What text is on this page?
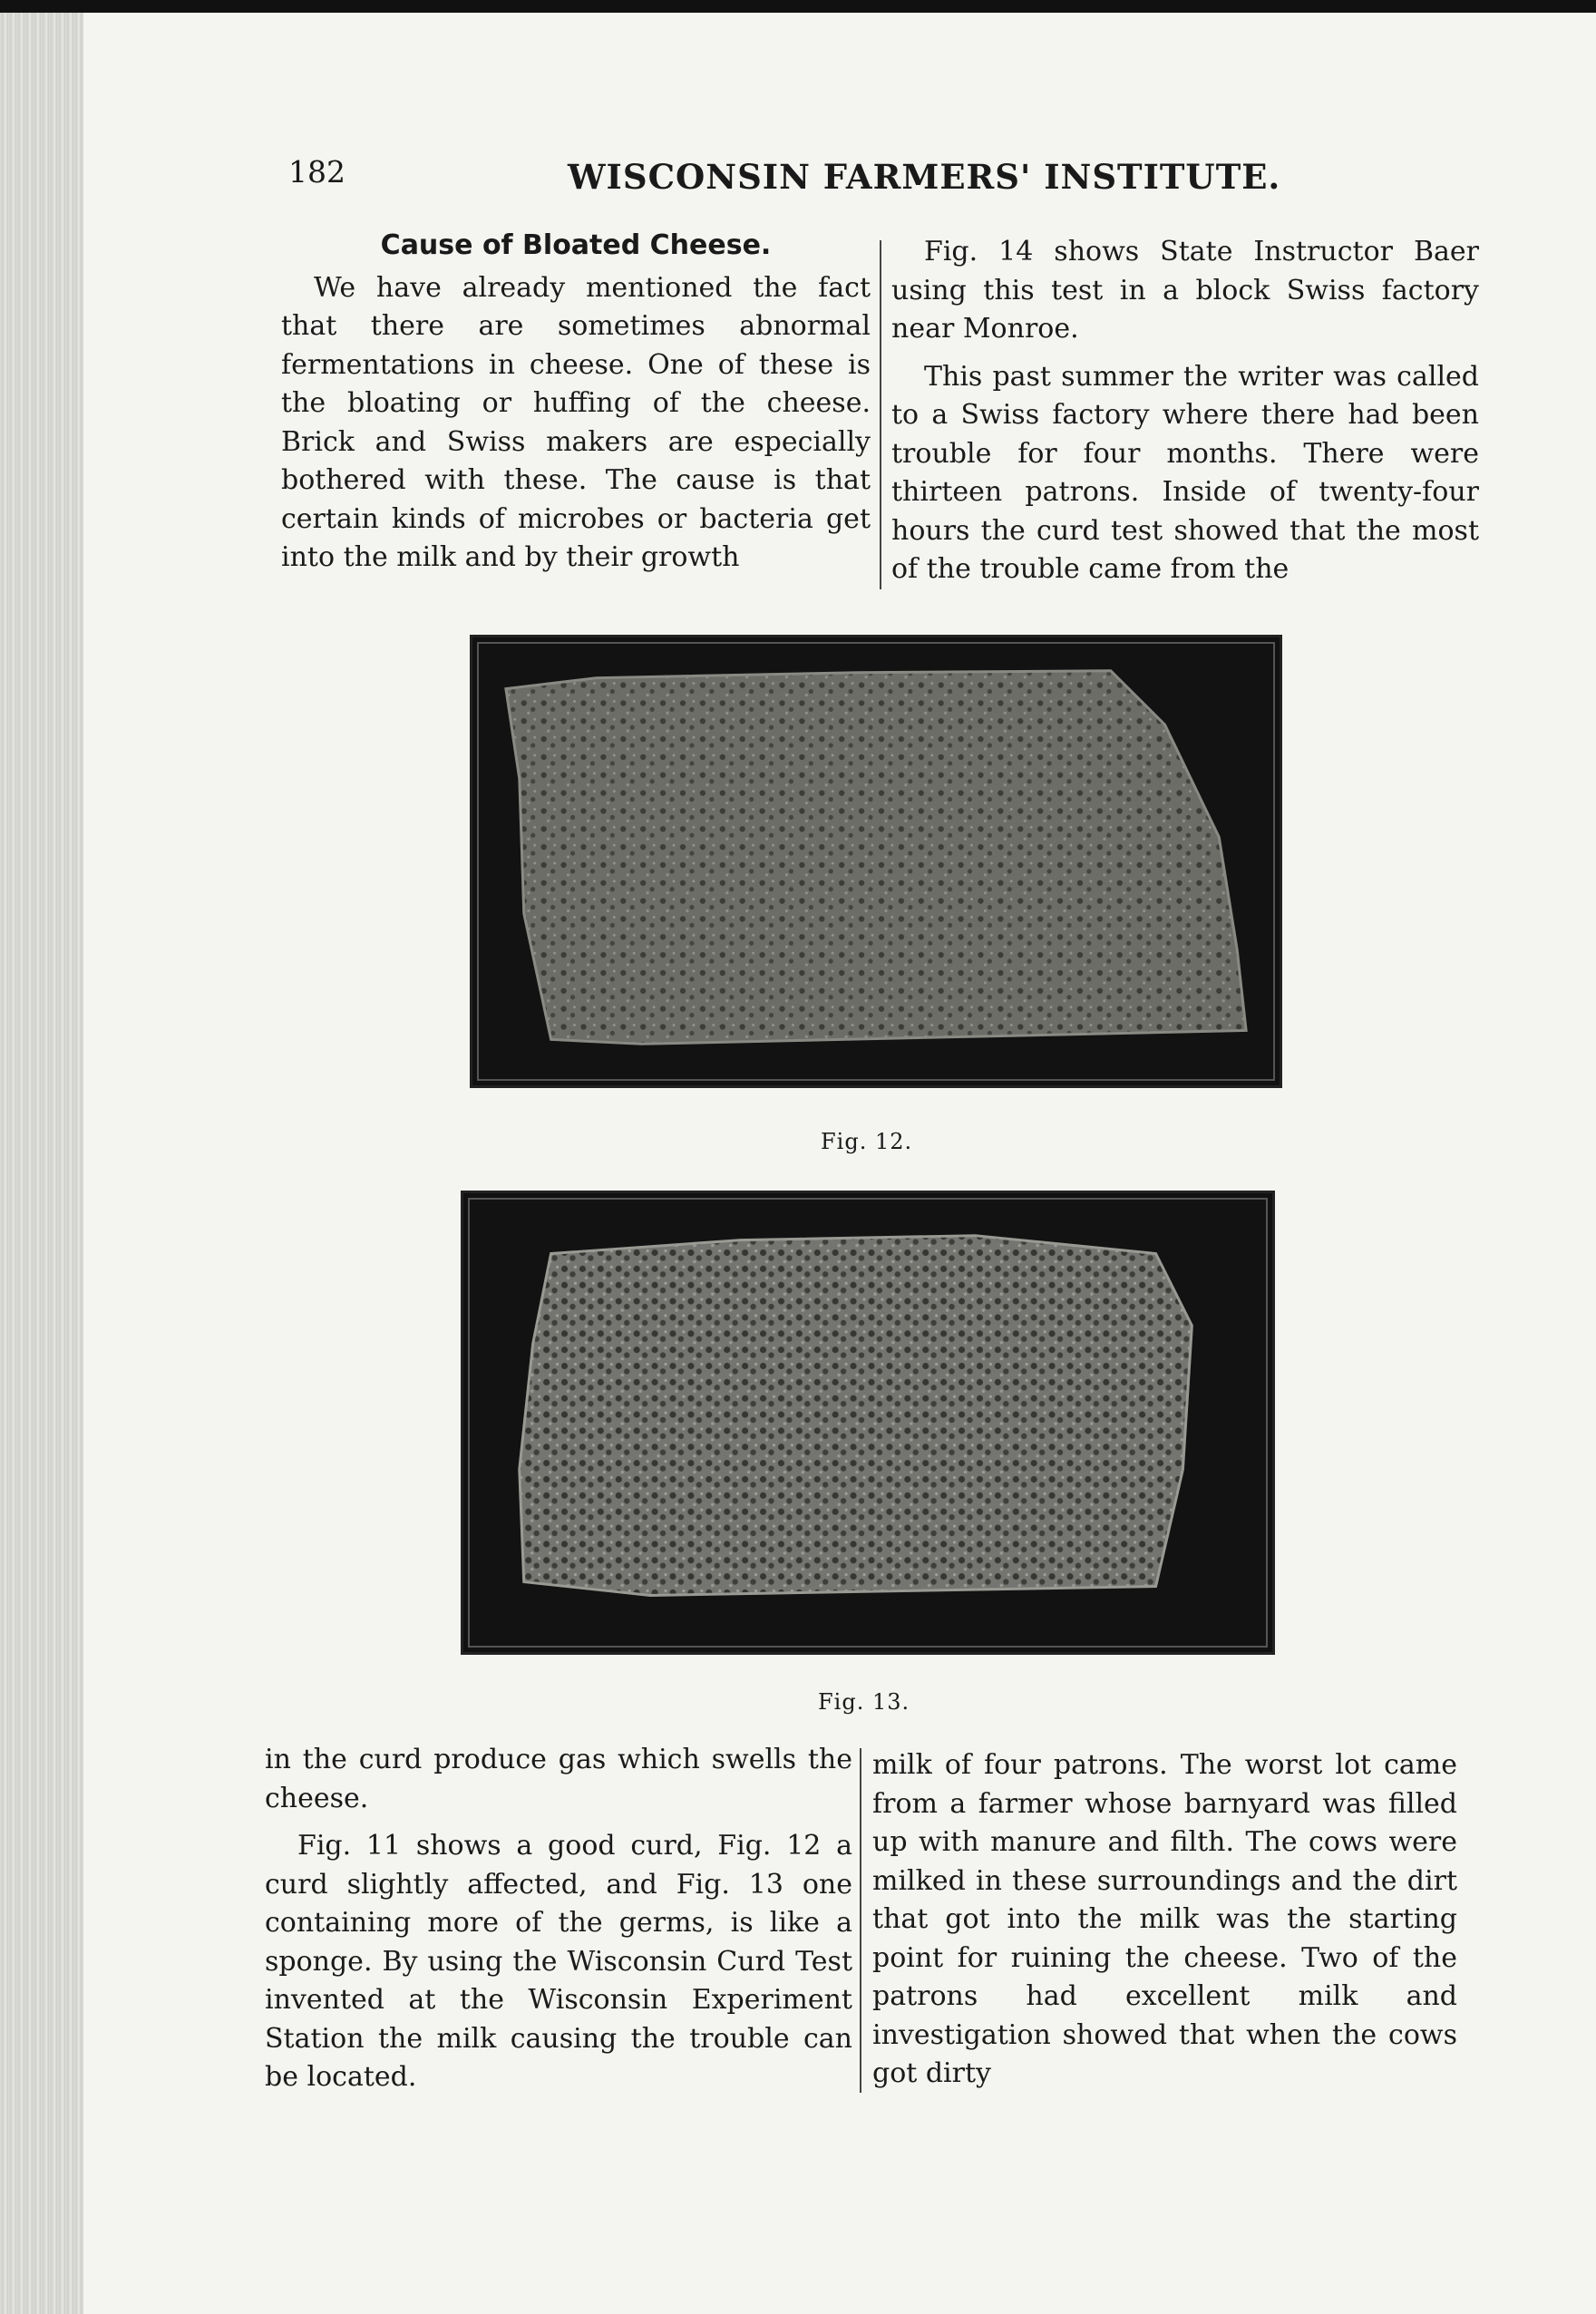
182	WISCONSIN FARMERS' INSTITUTE.
Cause of Bloated Cheese.

We have already mentioned the fact that there are sometimes abnormal fermentations in cheese. One of these is the bloating or huffing of the cheese. Brick and Swiss makers are especially bothered with these. The cause is that certain kinds of microbes or bacteria get into the milk and by their growth

Fig. 14 shows State Instructor Baer using this test in a block Swiss factory near Monroe.

This past summer the writer was called to a Swiss factory where there had been trouble for four months. There were thirteen patrons. Inside of twenty-four hours the curd test showed that the most of the trouble came from the

Fig. 12.
Fig. 13.

in the curd produce gas which swells the cheese.

Fig. 11 shows a good curd, Fig. 12 a curd slightly affected, and Fig. 13 one containing more of the germs, is like a sponge. By using the Wisconsin Curd Test invented at the Wisconsin Experiment Station the milk causing the trouble can be located.

milk of four patrons. The worst lot came from a farmer whose barnyard was filled up with manure and filth. The cows were milked in these surroundings and the dirt that got into the milk was the starting point for ruining the cheese. Two of the patrons had excellent milk and investigation showed that when the cows got dirty
